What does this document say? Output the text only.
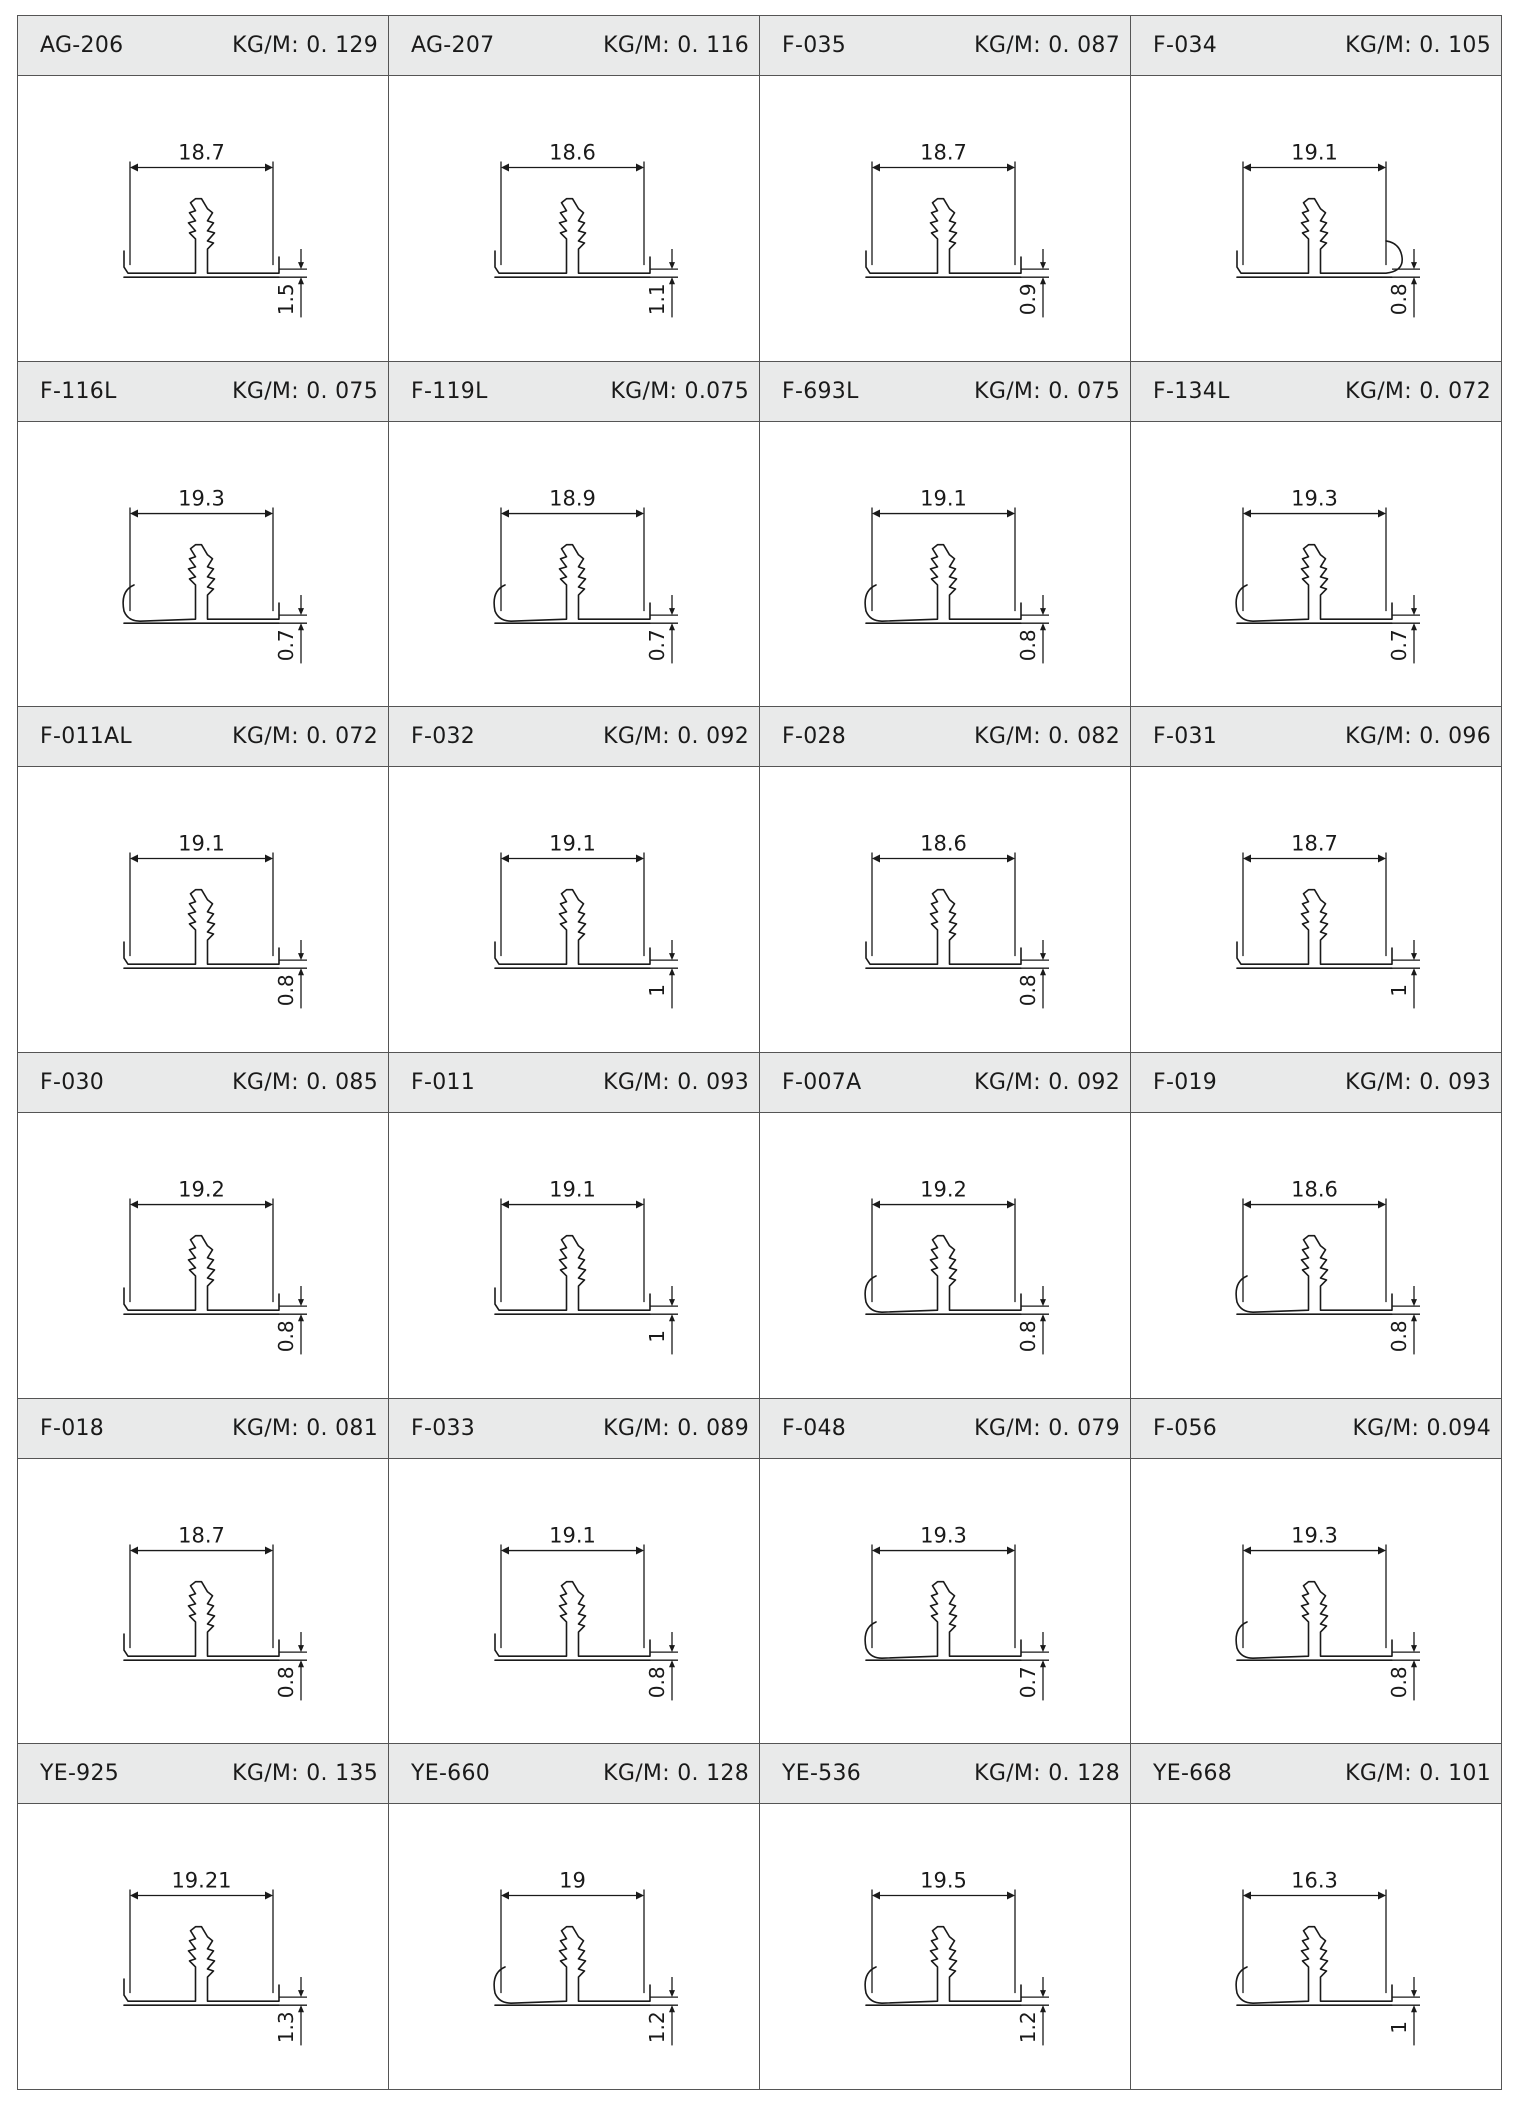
AG-206	KG/M: 0. 129
18.7
1.5
AG-207	KG/M: 0. 116
18.6
1.1
F-035	KG/M: 0. 087
18.7
0.9
F-034	KG/M: 0. 105
19.1
0.8
F-116L	KG/M: 0. 075
19.3
0.7
F-119L	KG/M: 0.075
18.9
0.7
F-693L	KG/M: 0. 075
19.1
0.8
F-134L	KG/M: 0. 072
19.3
0.7
F-011AL	KG/M: 0. 072
19.1
0.8
F-032	KG/M: 0. 092
19.1
1
F-028	KG/M: 0. 082
18.6
0.8
F-031	KG/M: 0. 096
18.7
1
F-030	KG/M: 0. 085
19.2
0.8
F-011	KG/M: 0. 093
19.1
1
F-007A	KG/M: 0. 092
19.2
0.8
F-019	KG/M: 0. 093
18.6
0.8
F-018	KG/M: 0. 081
18.7
0.8
F-033	KG/M: 0. 089
19.1
0.8
F-048	KG/M: 0. 079
19.3
0.7
F-056	KG/M: 0.094
19.3
0.8
YE-925	KG/M: 0. 135
19.21
1.3
YE-660	KG/M: 0. 128
19
1.2
YE-536	KG/M: 0. 128
19.5
1.2
YE-668	KG/M: 0. 101
16.3
1
